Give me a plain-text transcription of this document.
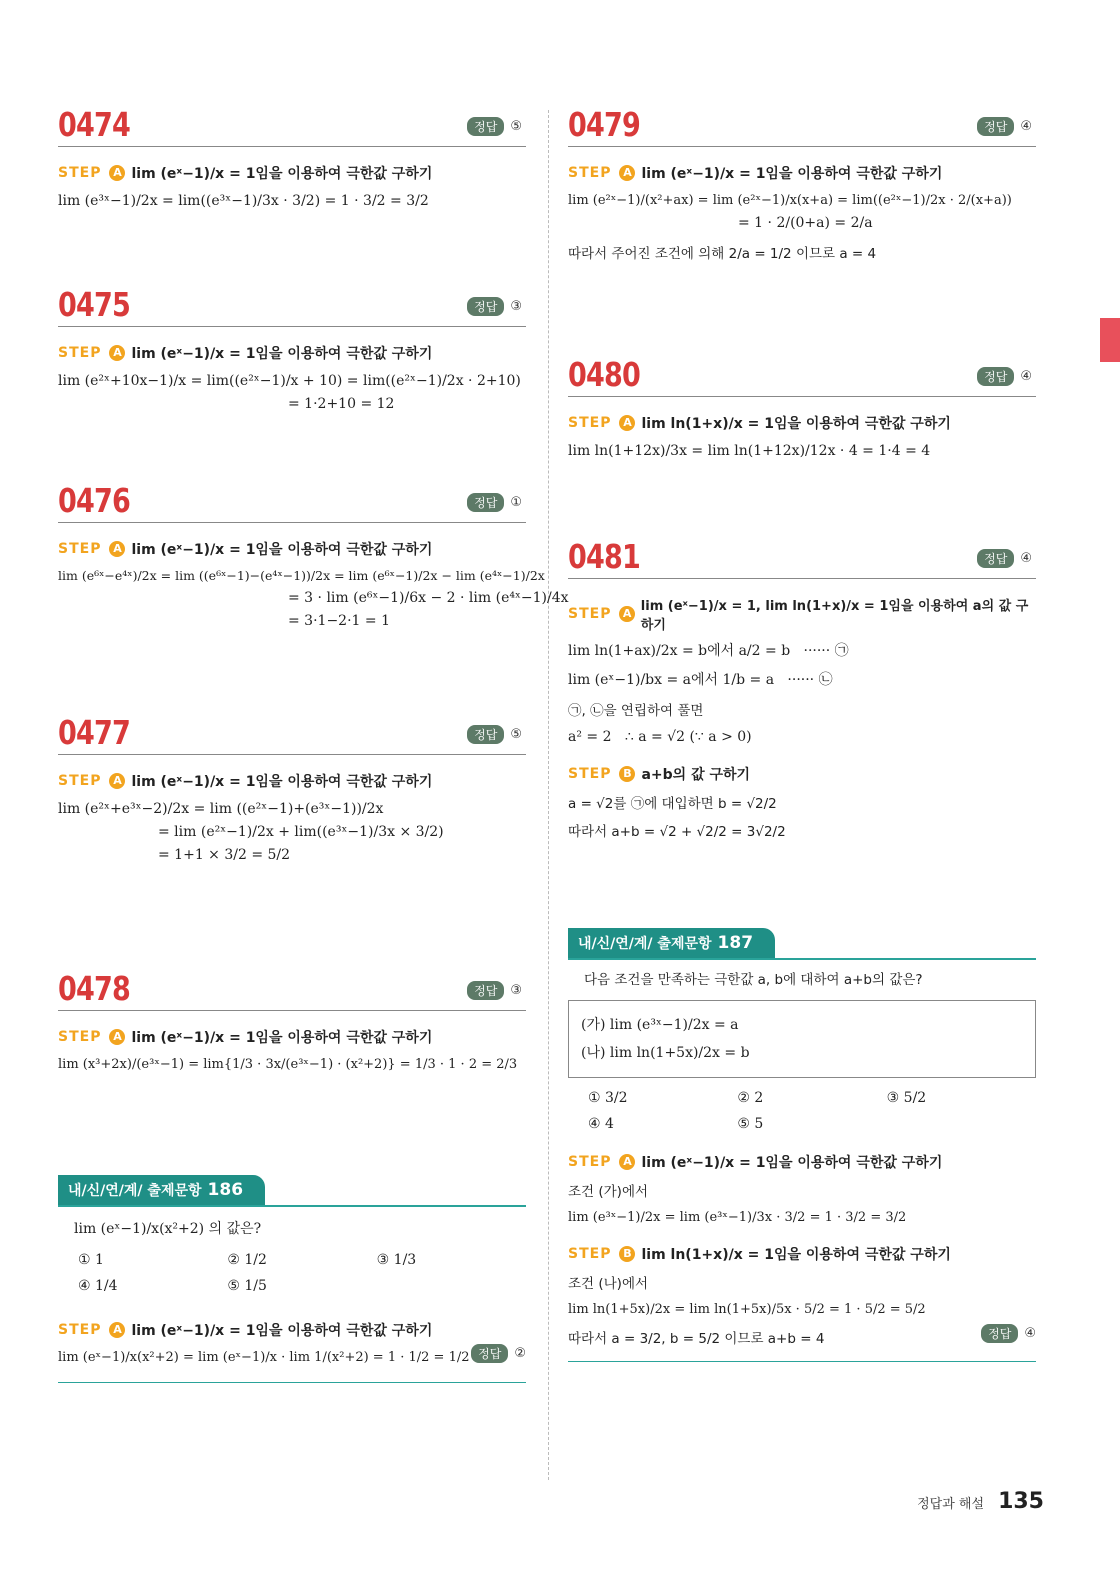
0474	정답	⑤
STEP	A lim (eˣ−1)/x = 1임을 이용하여 극한값 구하기
lim (e³ˣ−1)/2x = lim((e³ˣ−1)/3x · 3/2) = 1 · 3/2 = 3/2
0475	정답	③
STEP	A lim (eˣ−1)/x = 1임을 이용하여 극한값 구하기
lim (e²ˣ+10x−1)/x = lim((e²ˣ−1)/x + 10) = lim((e²ˣ−1)/2x · 2+10)
= 1·2+10 = 12
0476	정답	①
STEP	A lim (eˣ−1)/x = 1임을 이용하여 극한값 구하기
lim (e⁶ˣ−e⁴ˣ)/2x = lim ((e⁶ˣ−1)−(e⁴ˣ−1))/2x = lim (e⁶ˣ−1)/2x − lim (e⁴ˣ−1)/2x
= 3 · lim (e⁶ˣ−1)/6x − 2 · lim (e⁴ˣ−1)/4x
= 3·1−2·1 = 1
0477	정답	⑤
STEP	A lim (eˣ−1)/x = 1임을 이용하여 극한값 구하기
lim (e²ˣ+e³ˣ−2)/2x = lim ((e²ˣ−1)+(e³ˣ−1))/2x
= lim (e²ˣ−1)/2x + lim((e³ˣ−1)/3x × 3/2)
= 1+1 × 3/2 = 5/2
0478	정답	③
STEP	A lim (eˣ−1)/x = 1임을 이용하여 극한값 구하기
lim (x³+2x)/(e³ˣ−1) = lim{1/3 · 3x/(e³ˣ−1) · (x²+2)} = 1/3 · 1 · 2 = 2/3
내/신/연/계/ 출제문항 186
lim (eˣ−1)/x(x²+2) 의 값은?
① 1	② 1/2	③ 1/3
④ 1/4	⑤ 1/5
STEP	A lim (eˣ−1)/x = 1임을 이용하여 극한값 구하기
lim (eˣ−1)/x(x²+2) = lim (eˣ−1)/x · lim 1/(x²+2) = 1 · 1/2 = 1/2 정답	②
0479	정답	④
STEP	A lim (eˣ−1)/x = 1임을 이용하여 극한값 구하기
lim (e²ˣ−1)/(x²+ax) = lim (e²ˣ−1)/x(x+a) = lim((e²ˣ−1)/2x · 2/(x+a))
= 1 · 2/(0+a) = 2/a
따라서 주어진 조건에 의해 2/a = 1/2 이므로 a = 4
0480	정답	④
STEP	A lim ln(1+x)/x = 1임을 이용하여 극한값 구하기
lim ln(1+12x)/3x = lim ln(1+12x)/12x · 4 = 1·4 = 4
0481	정답	④
STEP	A lim (eˣ−1)/x = 1, lim ln(1+x)/x = 1임을 이용하여 a의 값 구하기
lim ln(1+ax)/2x = b에서 a/2 = b   ······ ㉠
lim (eˣ−1)/bx = a에서 1/b = a   ······ ㉡
㉠, ㉡을 연립하여 풀면
a² = 2   ∴ a = √2 (∵ a > 0)
STEP	B a+b의 값 구하기
a = √2를 ㉠에 대입하면 b = √2/2
따라서 a+b = √2 + √2/2 = 3√2/2
내/신/연/계/ 출제문항 187
다음 조건을 만족하는 극한값 a, b에 대하여 a+b의 값은?
(가) lim (e³ˣ−1)/2x = a
(나) lim ln(1+5x)/2x = b
① 3/2	② 2	③ 5/2
④ 4	⑤ 5
STEP	A lim (eˣ−1)/x = 1임을 이용하여 극한값 구하기
조건 (가)에서
lim (e³ˣ−1)/2x = lim (e³ˣ−1)/3x · 3/2 = 1 · 3/2 = 3/2
STEP	B lim ln(1+x)/x = 1임을 이용하여 극한값 구하기
조건 (나)에서
lim ln(1+5x)/2x = lim ln(1+5x)/5x · 5/2 = 1 · 5/2 = 5/2
따라서 a = 3/2, b = 5/2 이므로 a+b = 4	정답	④
정답과 해설 135
